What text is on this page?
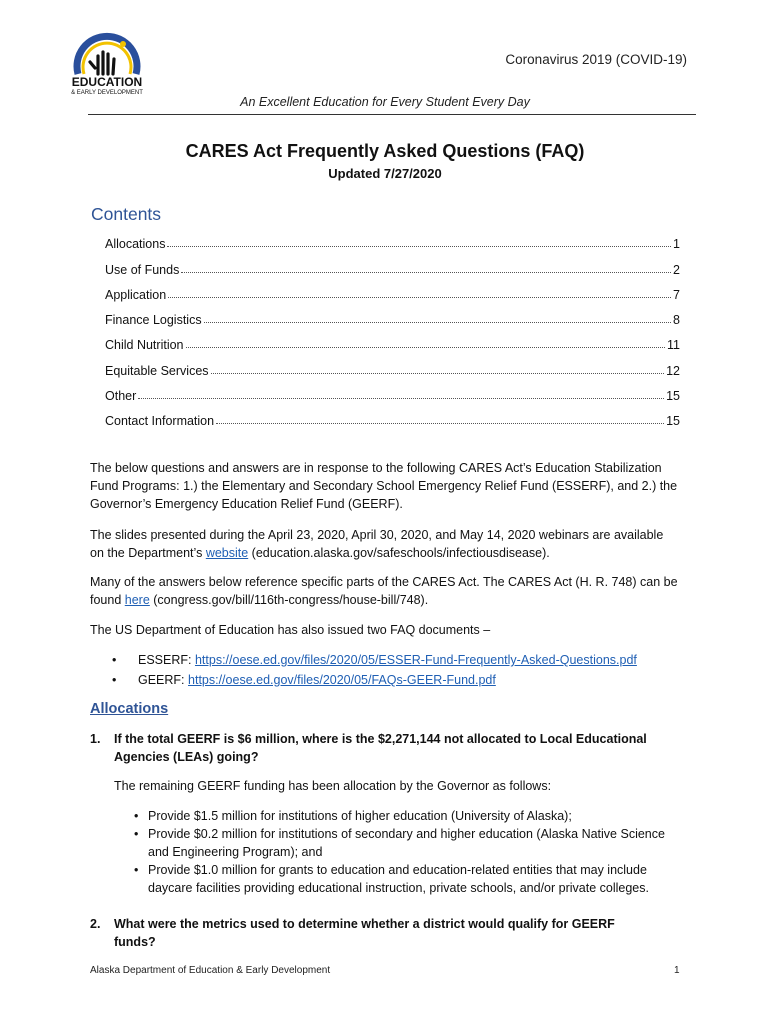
EDUCATION
& EARLY DEVELOPMENT
Coronavirus 2019 (COVID-19)
An Excellent Education for Every Student Every Day
CARES Act Frequently Asked Questions (FAQ)
Updated 7/27/2020
Contents
Allocations	1
Use of Funds	2
Application	7
Finance Logistics	8
Child Nutrition	11
Equitable Services	12
Other	15
Contact Information	15
The below questions and answers are in response to the following CARES Act’s Education Stabilization Fund Programs: 1.) the Elementary and Secondary School Emergency Relief Fund (ESSERF), and 2.) the Governor’s Emergency Education Relief Fund (GEERF).
The slides presented during the April 23, 2020, April 30, 2020, and May 14, 2020 webinars are available on the Department’s website (education.alaska.gov/safeschools/infectiousdisease).
Many of the answers below reference specific parts of the CARES Act. The CARES Act (H. R. 748) can be found here (congress.gov/bill/116th-congress/house-bill/748).
The US Department of Education has also issued two FAQ documents –
• ESSERF: https://oese.ed.gov/files/2020/05/ESSER-Fund-Frequently-Asked-Questions.pdf
• GEERF: https://oese.ed.gov/files/2020/05/FAQs-GEER-Fund.pdf
Allocations
1. If the total GEERF is $6 million, where is the $2,271,144 not allocated to Local Educational Agencies (LEAs) going?
The remaining GEERF funding has been allocation by the Governor as follows:
• Provide $1.5 million for institutions of higher education (University of Alaska);
• Provide $0.2 million for institutions of secondary and higher education (Alaska Native Science and Engineering Program); and
• Provide $1.0 million for grants to education and education-related entities that may include daycare facilities providing educational instruction, private schools, and/or private colleges.
2. What were the metrics used to determine whether a district would qualify for GEERF funds?
Alaska Department of Education & Early Development	1
